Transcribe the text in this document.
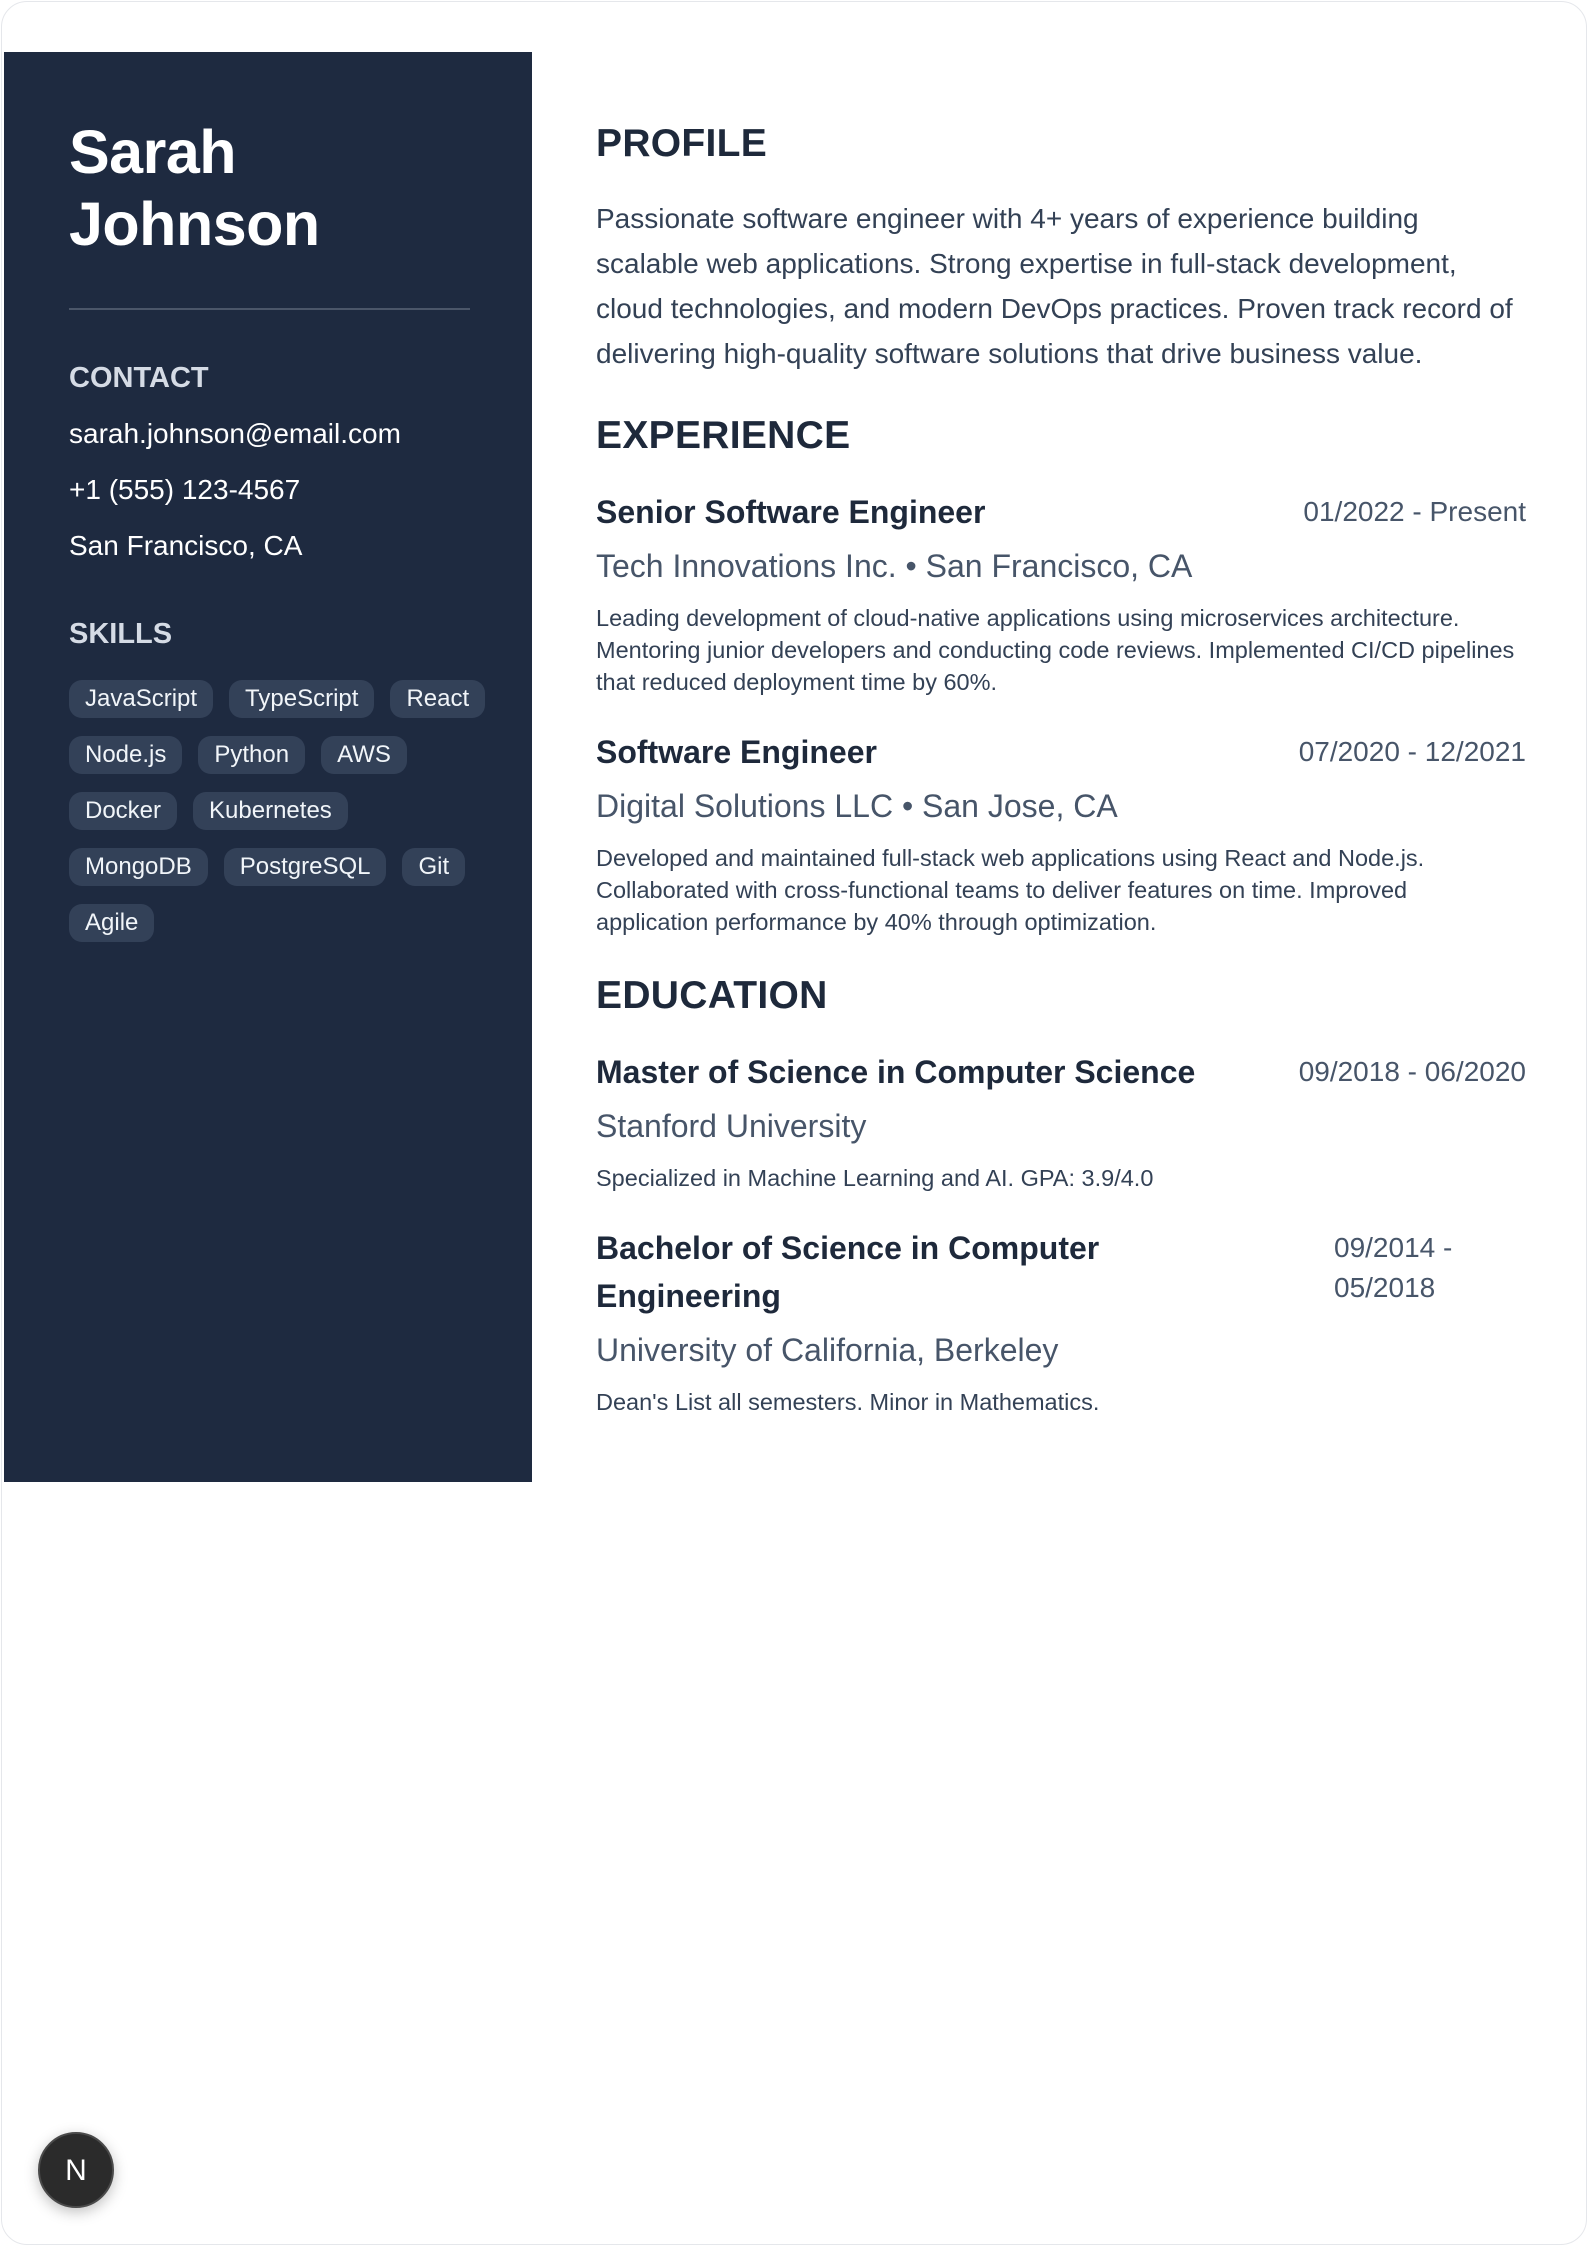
Sarah
Johnson
CONTACT
sarah.johnson@email.com
+1 (555) 123-4567
San Francisco, CA
SKILLS
JavaScript	TypeScript	React
Node.js	Python	AWS
Docker	Kubernetes
MongoDB	PostgreSQL	Git
Agile
PROFILE

Passionate software engineer with 4+ years of experience building scalable web applications. Strong expertise in full-stack development, cloud technologies, and modern DevOps practices. Proven track record of delivering high-quality software solutions that drive business value.

EXPERIENCE
Senior Software Engineer	01/2022 - Present
Tech Innovations Inc. • San Francisco, CA
Leading development of cloud-native applications using microservices architecture. Mentoring junior developers and conducting code reviews. Implemented CI/CD pipelines that reduced deployment time by 60%.
Software Engineer	07/2020 - 12/2021
Digital Solutions LLC • San Jose, CA
Developed and maintained full-stack web applications using React and Node.js. Collaborated with cross-functional teams to deliver features on time. Improved application performance by 40% through optimization.
EDUCATION
Master of Science in Computer Science	09/2018 - 06/2020
Stanford University
Specialized in Machine Learning and AI. GPA: 3.9/4.0
Bachelor of Science in Computer Engineering
09/2014 - 05/2018
University of California, Berkeley
Dean's List all semesters. Minor in Mathematics.
N
